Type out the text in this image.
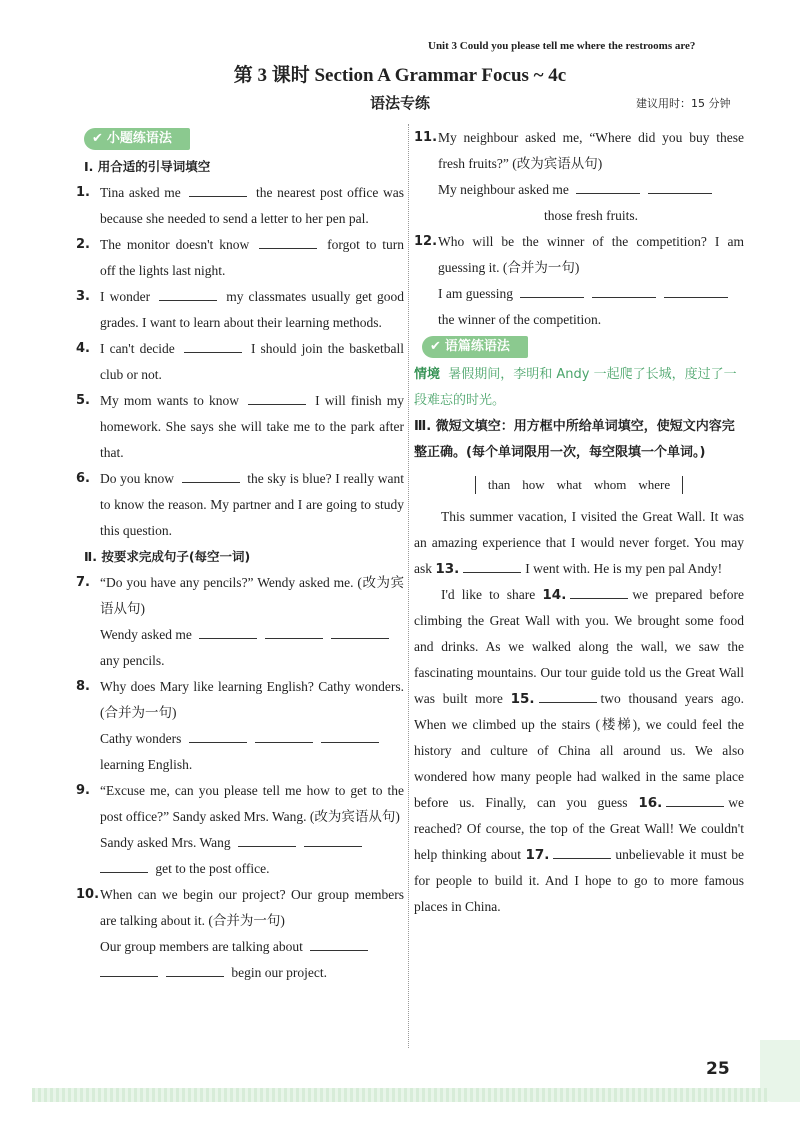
Unit 3 Could you please tell me where the restrooms are?
第 3 课时 Section A Grammar Focus ~ 4c
语法专练	建议用时：15 分钟
✔ 小题练语法
Ⅰ. 用合适的引导词填空
1. Tina asked me	the nearest post office was because she needed to send a letter to her pen pal.
2. The monitor doesn't know	forgot to turn off the lights last night.
3. I wonder	my classmates usually get good grades. I want to learn about their learning methods.
4. I can't decide	I should join the basketball club or not.
5. My mom wants to know	I will finish my homework. She says she will take me to the park after that.
6. Do you know	the sky is blue? I really want to know the reason. My partner and I are going to study this question.
Ⅱ. 按要求完成句子(每空一词)
7. “Do you have any pencils?” Wendy asked me. (改为宾语从句)
Wendy asked me
any pencils.
8. Why does Mary like learning English? Cathy wonders. (合并为一句)
Cathy wonders
learning English.
9. “Excuse me, can you please tell me how to get to the post office?” Sandy asked Mrs. Wang. (改为宾语从句)
Sandy asked Mrs. Wang
get to the post office.
10. When can we begin our project? Our group members are talking about it. (合并为一句)
Our group members are talking about
begin our project.
11. My neighbour asked me, “Where did you buy these fresh fruits?” (改为宾语从句)
My neighbour asked me
those fresh fruits.
12. Who will be the winner of the competition? I am guessing it. (合并为一句)
I am guessing
the winner of the competition.
✔ 语篇练语法
情境 暑假期间，李明和 Andy 一起爬了长城，度过了一段难忘的时光。
Ⅲ. 微短文填空：用方框中所给单词填空，使短文内容完整正确。(每个单词限用一次，每空限填一个单词。)
than how what whom where
This summer vacation, I visited the Great Wall. It was an amazing experience that I would never forget. You may ask 13.	I went with. He is my pen pal Andy!
I'd like to share 14.	we prepared before climbing the Great Wall with you. We brought some food and drinks. As we walked along the wall, we saw the fascinating mountains. Our tour guide told us the Great Wall was built more 15.	two thousand years ago. When we climbed up the stairs (楼梯), we could feel the history and culture of China all around us. We also wondered how many people had walked in the same place before us. Finally, can you guess 16.	we reached? Of course, the top of the Great Wall! We couldn't help thinking about 17.	unbelievable it must be for people to build it. And I hope to go to more famous places in China.
25
